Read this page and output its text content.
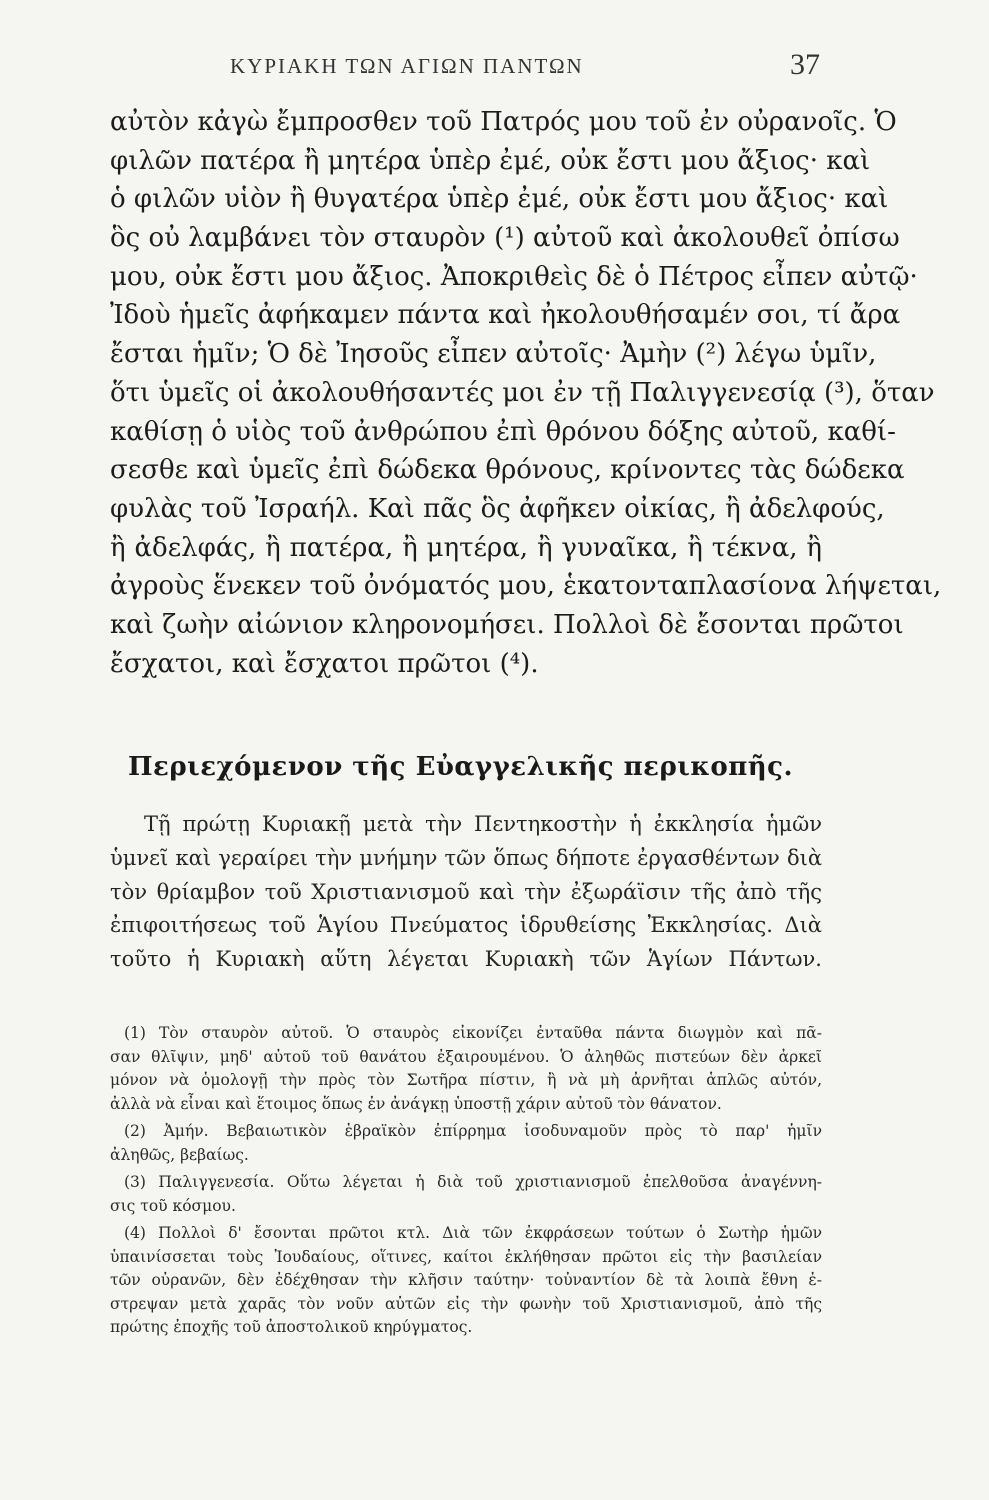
ΚΥΡΙΑΚΗ ΤΩΝ ΑΓΙΩΝ ΠΑΝΤΩΝ	37
αὐτὸν κἀγὼ ἔμπροσθεν τοῦ Πατρός μου τοῦ ἐν οὐρανοῖς. Ὁ
φιλῶν πατέρα ἢ μητέρα ὑπὲρ ἐμέ, οὐκ ἔστι μου ἄξιος· καὶ
ὁ φιλῶν υἱὸν ἢ θυγατέρα ὑπὲρ ἐμέ, οὐκ ἔστι μου ἄξιος· καὶ
ὃς οὐ λαμβάνει τὸν σταυρὸν (¹) αὐτοῦ καὶ ἀκολουθεῖ ὀπίσω
μου, οὐκ ἔστι μου ἄξιος. Ἀποκριθεὶς δὲ ὁ Πέτρος εἶπεν αὐτῷ·
Ἰδοὺ ἡμεῖς ἀφήκαμεν πάντα καὶ ἠκολουθήσαμέν σοι, τί ἄρα
ἔσται ἡμῖν; Ὁ δὲ Ἰησοῦς εἶπεν αὐτοῖς· Ἀμὴν (²) λέγω ὑμῖν,
ὅτι ὑμεῖς οἱ ἀκολουθήσαντές μοι ἐν τῇ Παλιγγενεσίᾳ (³), ὅταν
καθίσῃ ὁ υἱὸς τοῦ ἀνθρώπου ἐπὶ θρόνου δόξης αὐτοῦ, καθί-
σεσθε καὶ ὑμεῖς ἐπὶ δώδεκα θρόνους, κρίνοντες τὰς δώδεκα
φυλὰς τοῦ Ἰσραήλ. Καὶ πᾶς ὃς ἀφῆκεν οἰκίας, ἢ ἀδελφούς,
ἢ ἀδελφάς, ἢ πατέρα, ἢ μητέρα, ἢ γυναῖκα, ἢ τέκνα, ἢ
ἀγροὺς ἕνεκεν τοῦ ὀνόματός μου, ἑκατονταπλασίονα λήψεται,
καὶ ζωὴν αἰώνιον κληρονομήσει. Πολλοὶ δὲ ἔσονται πρῶτοι
ἔσχατοι, καὶ ἔσχατοι πρῶτοι (⁴).
Περιεχόμενον τῆς Εὐαγγελικῆς περικοπῆς.
Τῇ πρώτῃ Κυριακῇ μετὰ τὴν Πεντηκοστὴν ἡ ἐκκλησία ἡμῶν
ὑμνεῖ καὶ γεραίρει τὴν μνήμην τῶν ὅπως δήποτε ἐργασθέντων διὰ
τὸν θρίαμβον τοῦ Χριστιανισμοῦ καὶ τὴν ἐξωράϊσιν τῆς ἀπὸ τῆς
ἐπιφοιτήσεως τοῦ Ἁγίου Πνεύματος ἱδρυθείσης Ἐκκλησίας. Διὰ
τοῦτο ἡ Κυριακὴ αὕτη λέγεται Κυριακὴ τῶν Ἁγίων Πάντων.
(1) Τὸν σταυρὸν αὐτοῦ. Ὁ σταυρὸς εἰκονίζει ἐνταῦθα πάντα διωγμὸν καὶ πᾶ-
σαν θλῖψιν, μηδ' αὐτοῦ τοῦ θανάτου ἐξαιρουμένου. Ὁ ἀληθῶς πιστεύων δὲν ἀρκεῖ
μόνον νὰ ὁμολογῇ τὴν πρὸς τὸν Σωτῆρα πίστιν, ἢ νὰ μὴ ἀρνῆται ἁπλῶς αὐτόν,
ἀλλὰ νὰ εἶναι καὶ ἕτοιμος ὅπως ἐν ἀνάγκῃ ὑποστῇ χάριν αὐτοῦ τὸν θάνατον.
(2) Ἀμήν. Βεβαιωτικὸν ἑβραϊκὸν ἐπίρρημα ἰσοδυναμοῦν πρὸς τὸ παρ' ἡμῖν
ἀληθῶς, βεβαίως.
(3) Παλιγγενεσία. Οὕτω λέγεται ἡ διὰ τοῦ χριστιανισμοῦ ἐπελθοῦσα ἀναγέννη-
σις τοῦ κόσμου.
(4) Πολλοὶ δ' ἔσονται πρῶτοι κτλ. Διὰ τῶν ἐκφράσεων τούτων ὁ Σωτὴρ ἡμῶν
ὑπαινίσσεται τοὺς Ἰουδαίους, οἵτινες, καίτοι ἐκλήθησαν πρῶτοι εἰς τὴν βασιλείαν
τῶν οὐρανῶν, δὲν ἐδέχθησαν τὴν κλῆσιν ταύτην· τοὐναντίον δὲ τὰ λοιπὰ ἔθνη ἐ-
στρεψαν μετὰ χαρᾶς τὸν νοῦν αὐτῶν εἰς τὴν φωνὴν τοῦ Χριστιανισμοῦ, ἀπὸ τῆς
πρώτης ἐποχῆς τοῦ ἀποστολικοῦ κηρύγματος.
